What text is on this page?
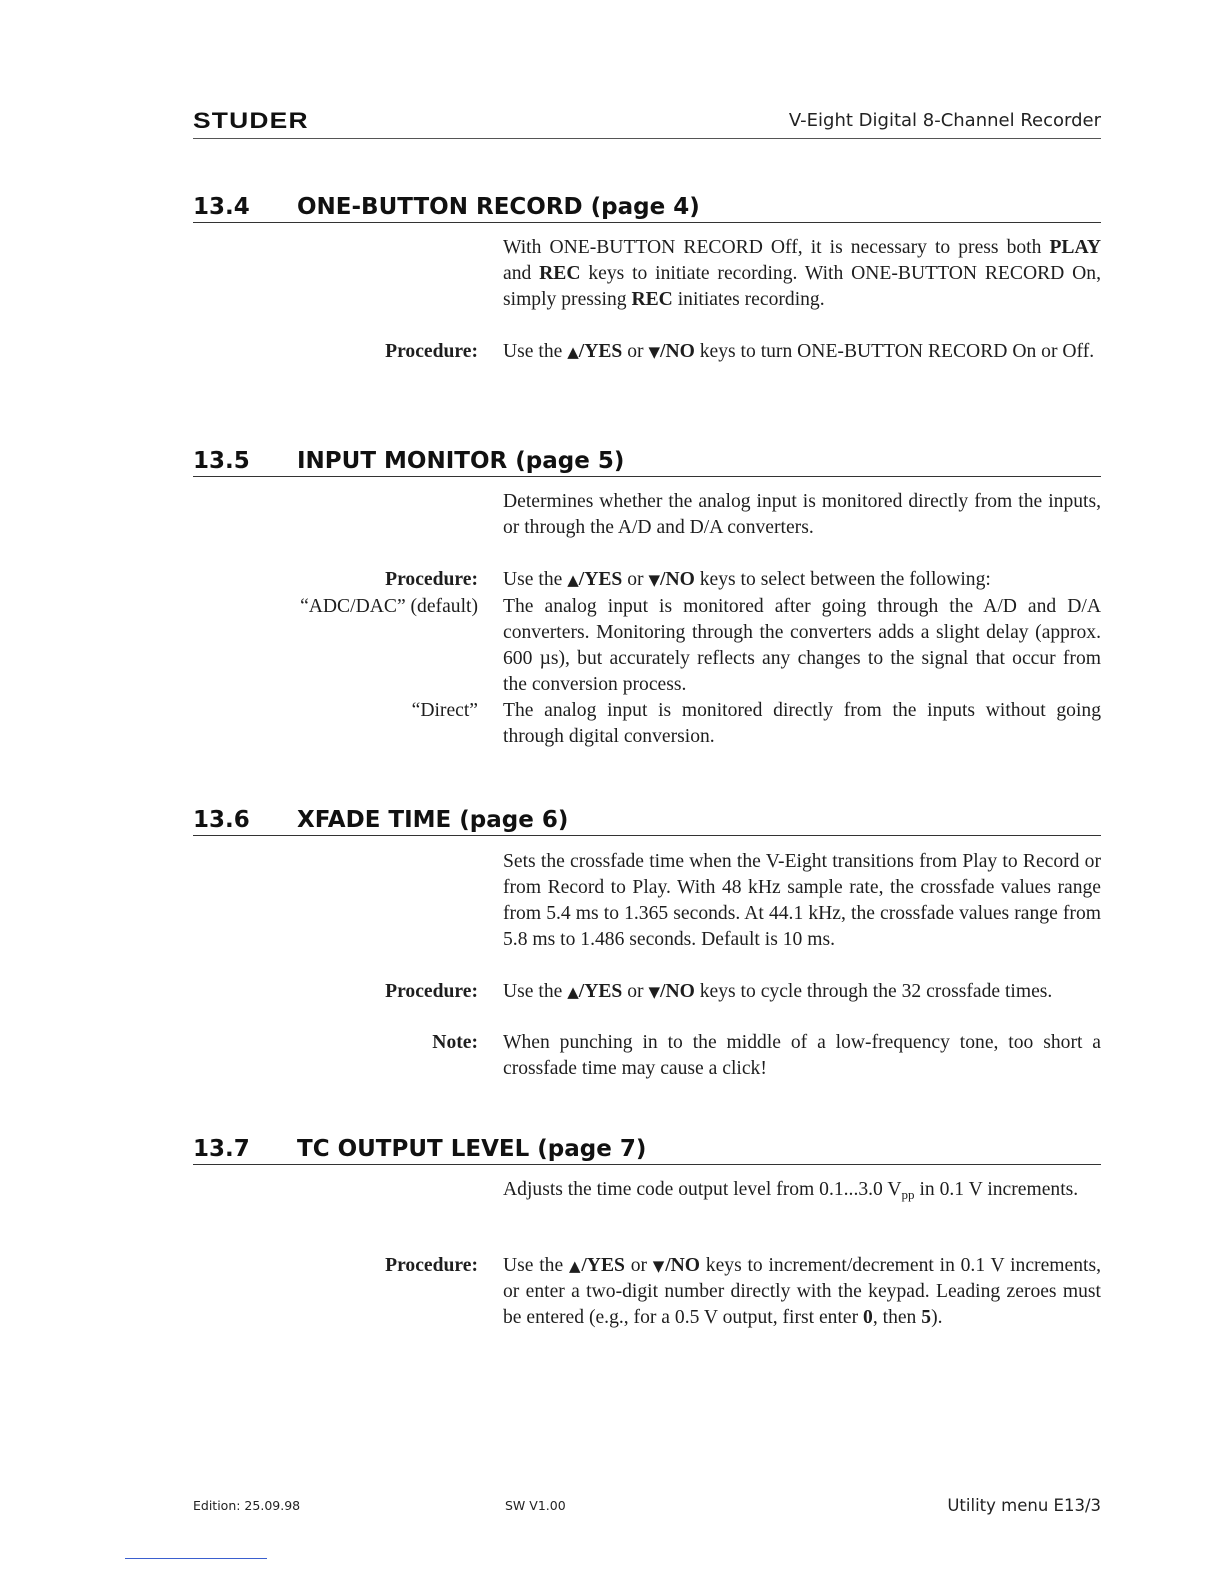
STUDER	V-Eight Digital 8-Channel Recorder
13.4 ONE-BUTTON RECORD (page 4)
With ONE-BUTTON RECORD Off, it is necessary to press both PLAY and REC keys to initiate recording. With ONE-BUTTON RECORD On, simply pressing REC initiates recording.
Procedure: Use the ▲/YES or ▼/NO keys to turn ONE-BUTTON RECORD On or Off.
13.5 INPUT MONITOR (page 5)
Determines whether the analog input is monitored directly from the inputs, or through the A/D and D/A converters.
Procedure: Use the ▲/YES or ▼/NO keys to select between the following:
“ADC/DAC” (default) The analog input is monitored after going through the A/D and D/A converters. Monitoring through the converters adds a slight delay (approx. 600 µs), but accurately reflects any changes to the signal that occur from the conversion process.
“Direct” The analog input is monitored directly from the inputs without going through digital conversion.
13.6 XFADE TIME (page 6)
Sets the crossfade time when the V-Eight transitions from Play to Record or from Record to Play. With 48 kHz sample rate, the crossfade values range from 5.4 ms to 1.365 seconds. At 44.1 kHz, the crossfade values range from 5.8 ms to 1.486 seconds. Default is 10 ms.
Procedure: Use the ▲/YES or ▼/NO keys to cycle through the 32 crossfade times.
Note: When punching in to the middle of a low-frequency tone, too short a crossfade time may cause a click!
13.7 TC OUTPUT LEVEL (page 7)
Adjusts the time code output level from 0.1...3.0 $V_{pp}$ in 0.1 V increments.
Procedure: Use the ▲/YES or ▼/NO keys to increment/decrement in 0.1 V increments, or enter a two-digit number directly with the keypad. Leading zeroes must be entered (e.g., for a 0.5 V output, first enter 0, then 5).
Edition: 25.09.98	SW V1.00	Utility menu E13/3
